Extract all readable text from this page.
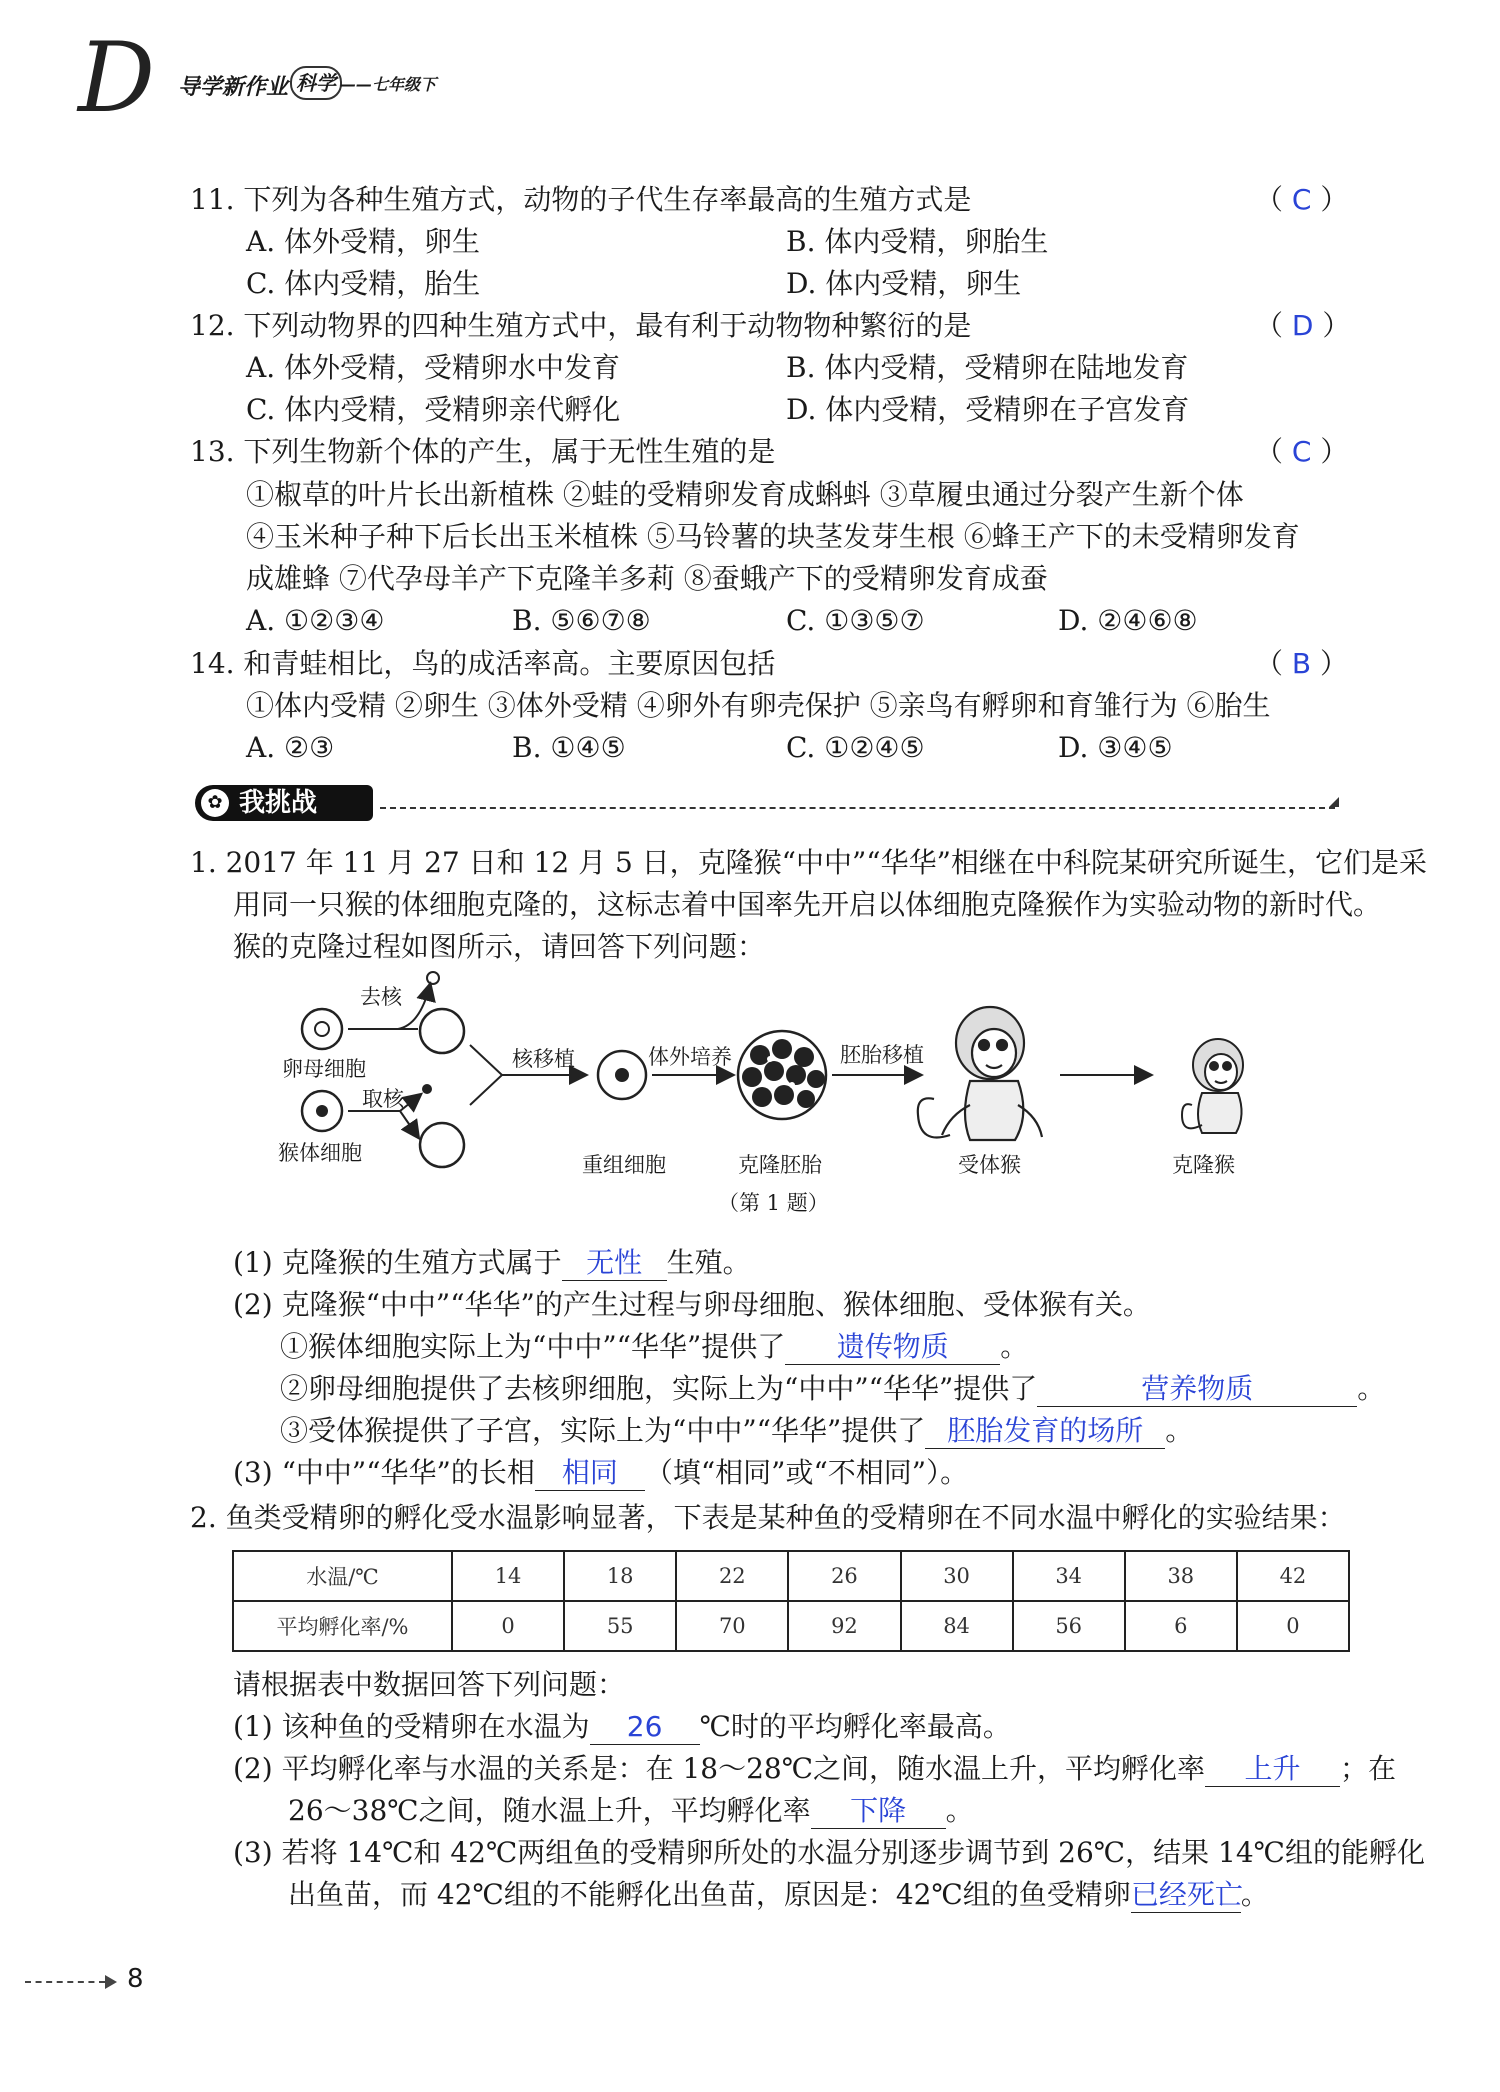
D 导学新作业 科学 ——七年级下
11. 下列为各种生殖方式，动物的子代生存率最高的生殖方式是	（ C ）
A. 体外受精，卵生	B. 体内受精，卵胎生
C. 体内受精，胎生	D. 体内受精，卵生
12. 下列动物界的四种生殖方式中，最有利于动物物种繁衍的是	（ D ）
A. 体外受精，受精卵水中发育	B. 体内受精，受精卵在陆地发育
C. 体内受精，受精卵亲代孵化	D. 体内受精，受精卵在子宫发育
13. 下列生物新个体的产生，属于无性生殖的是	（ C ）
①椒草的叶片长出新植株 ②蛙的受精卵发育成蝌蚪 ③草履虫通过分裂产生新个体
④玉米种子种下后长出玉米植株 ⑤马铃薯的块茎发芽生根 ⑥蜂王产下的未受精卵发育
成雄蜂 ⑦代孕母羊产下克隆羊多莉 ⑧蚕蛾产下的受精卵发育成蚕
A. ①②③④	B. ⑤⑥⑦⑧	C. ①③⑤⑦	D. ②④⑥⑧
14. 和青蛙相比，鸟的成活率高。主要原因包括	（ B ）
①体内受精 ②卵生 ③体外受精 ④卵外有卵壳保护 ⑤亲鸟有孵卵和育雏行为 ⑥胎生
A. ②③	B. ①④⑤	C. ①②④⑤	D. ③④⑤
✿ 我挑战
1. 2017 年 11 月 27 日和 12 月 5 日，克隆猴“中中”“华华”相继在中科院某研究所诞生，它们是采
用同一只猴的体细胞克隆的，这标志着中国率先开启以体细胞克隆猴作为实验动物的新时代。
猴的克隆过程如图所示，请回答下列问题：
去核
卵母细胞
取核
猴体细胞
核移植	体外培养	胚胎移植
重组细胞	克隆胚胎	受体猴	克隆猴
（第 1 题）
(1) 克隆猴的生殖方式属于 无性 生殖。
(2) 克隆猴“中中”“华华”的产生过程与卵母细胞、猴体细胞、受体猴有关。
①猴体细胞实际上为“中中”“华华”提供了 遗传物质 。
②卵母细胞提供了去核卵细胞，实际上为“中中”“华华”提供了	营养物质	。
③受体猴提供了子宫，实际上为“中中”“华华”提供了 胚胎发育的场所 。
(3) “中中”“华华”的长相 相同 （填“相同”或“不相同”）。
2. 鱼类受精卵的孵化受水温影响显著，下表是某种鱼的受精卵在不同水温中孵化的实验结果：
水温/℃	14	18	22	26	30	34	38	42
平均孵化率/%	0	55	70	92	84	56	6	0
请根据表中数据回答下列问题：
(1) 该种鱼的受精卵在水温为 26 ℃时的平均孵化率最高。
(2) 平均孵化率与水温的关系是：在 18～28℃之间，随水温上升，平均孵化率 上升 ；在
26～38℃之间，随水温上升，平均孵化率 下降 。
(3) 若将 14℃和 42℃两组鱼的受精卵所处的水温分别逐步调节到 26℃，结果 14℃组的能孵化
出鱼苗，而 42℃组的不能孵化出鱼苗，原因是：42℃组的鱼受精卵已经死亡。
8
